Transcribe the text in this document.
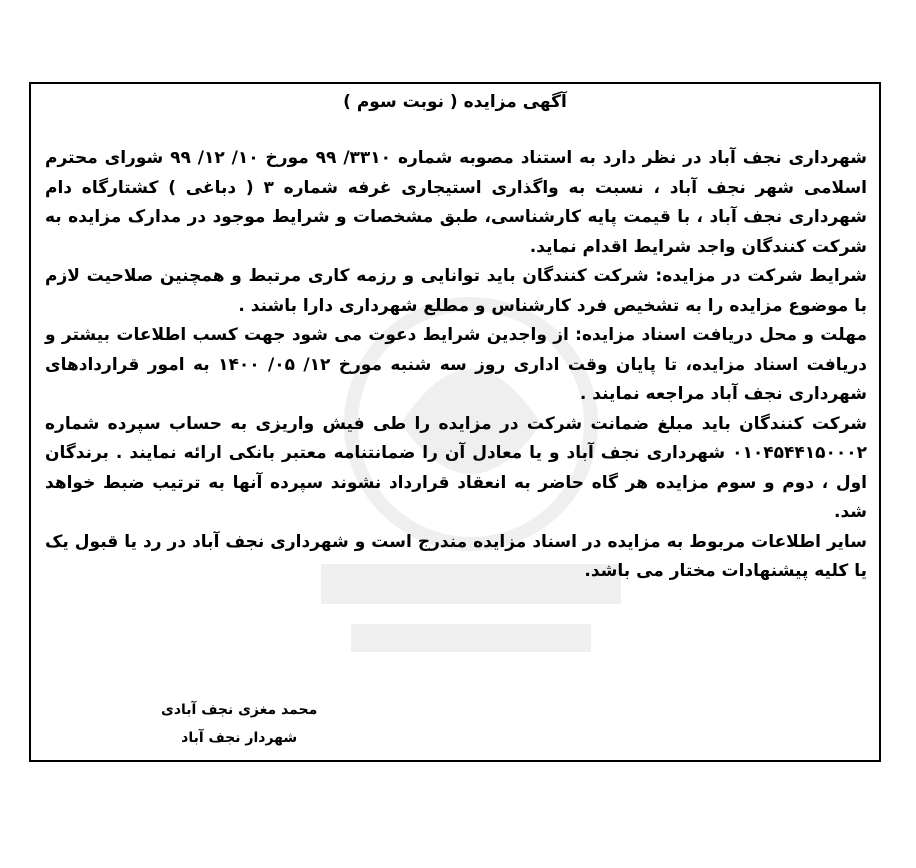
آگهی مزایده ( نوبت سوم )

شهرداری نجف آباد در نظر دارد به استناد مصوبه شماره ۳۳۱۰/ ۹۹ مورخ ۱۰/ ۱۲/ ۹۹ شورای محترم اسلامی شهر نجف آباد ، نسبت به واگذاری استیجاری غرفه شماره ۳ ( دباغی ) کشتارگاه دام شهرداری نجف آباد ، با قیمت پایه کارشناسی، طبق مشخصات و شرایط موجود در مدارک مزایده به شرکت کنندگان واجد شرایط اقدام نماید.

شرایط شرکت در مزایده: شرکت کنندگان باید توانایی و رزمه کاری مرتبط و همچنین صلاحیت لازم با موضوع مزایده را به تشخیص فرد کارشناس و مطلع شهرداری دارا باشند .

مهلت و محل دریافت اسناد مزایده: از واجدین شرایط دعوت می شود جهت کسب اطلاعات بیشتر و دریافت اسناد مزایده، تا پایان وقت اداری روز سه شنبه مورخ ۱۲/ ۰۵/ ۱۴۰۰ به امور قراردادهای شهرداری نجف آباد مراجعه نمایند .

شرکت کنندگان باید مبلغ ضمانت شرکت در مزایده را طی فیش واریزی به حساب سپرده شماره ۰۱۰۴۵۴۴۱۵۰۰۰۲ شهرداری نجف آباد و یا معادل آن را ضمانتنامه معتبر بانکی ارائه نمایند . برندگان اول ، دوم و سوم مزایده هر گاه حاضر به انعقاد قرارداد نشوند سپرده آنها به ترتیب ضبط خواهد شد.

سایر اطلاعات مربوط به مزایده در اسناد مزایده مندرج است و شهرداری نجف آباد در رد یا قبول یک یا کلیه پیشنهادات مختار می باشد.

محمد مغزی نجف آبادی
شهردار نجف آباد
